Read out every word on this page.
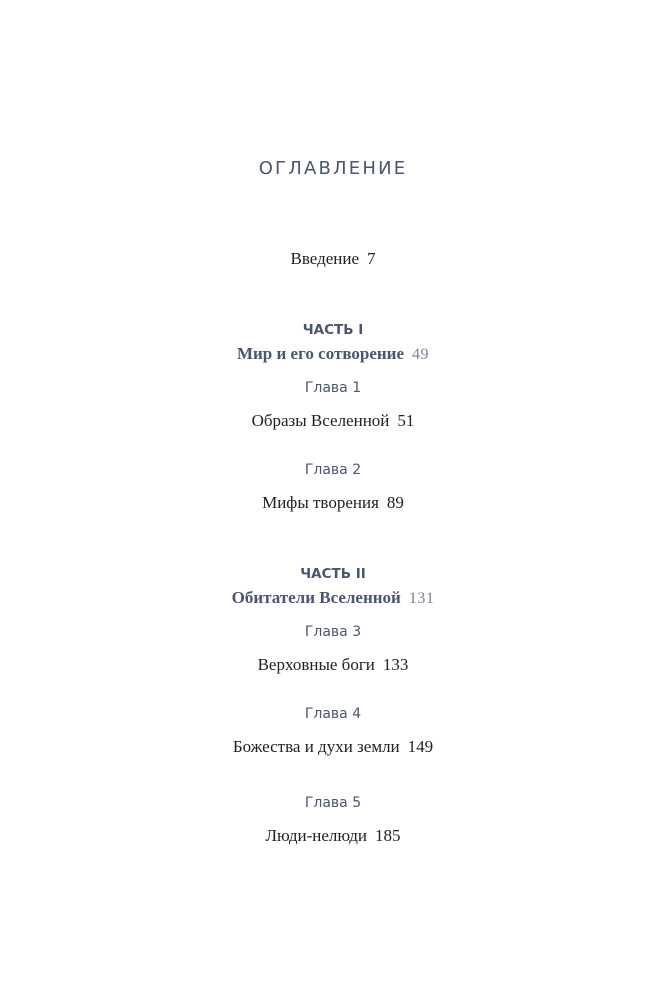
ОГЛАВЛЕНИЕ
Введение 7
ЧАСТЬ I
Мир и его сотворение 49
Глава 1
Образы Вселенной 51
Глава 2
Мифы творения 89
ЧАСТЬ II
Обитатели Вселенной 131
Глава 3
Верховные боги 133
Глава 4
Божества и духи земли 149
Глава 5
Люди-нелюди 185
